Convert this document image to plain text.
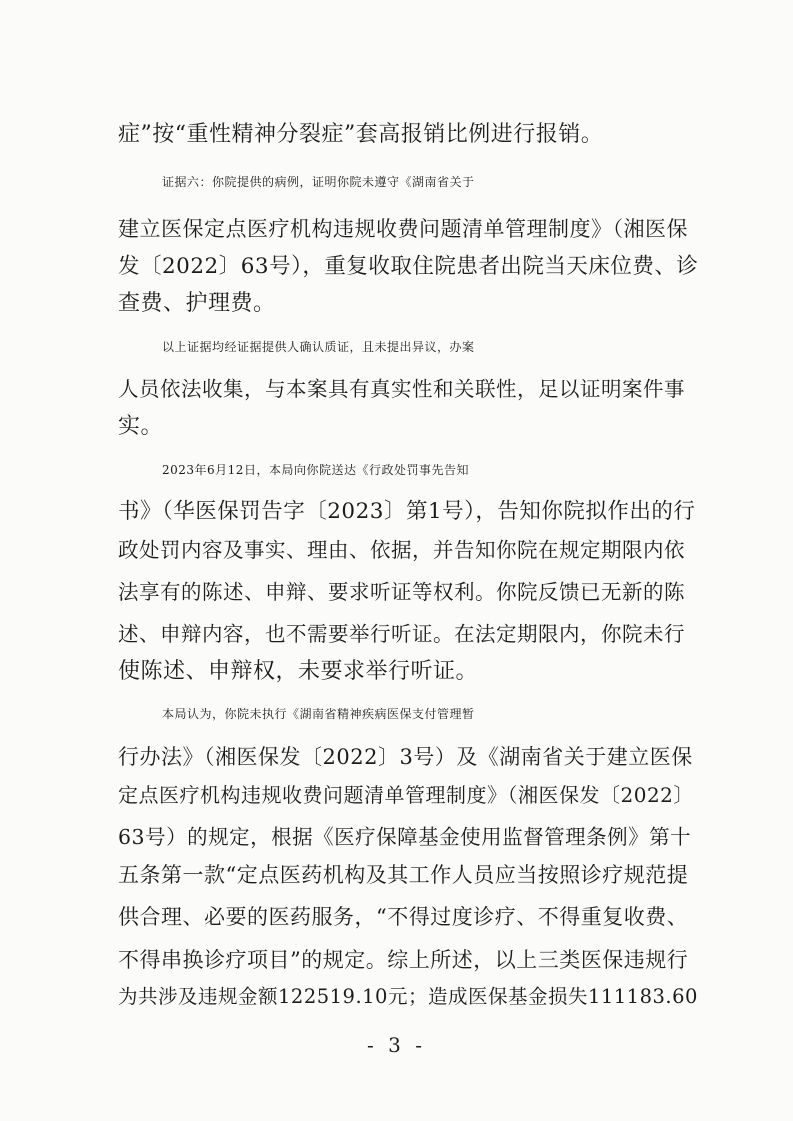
症”按“重性精神分裂症”套高报销比例进行报销。
证据六：你院提供的病例，证明你院未遵守《湖南省关于
建立医保定点医疗机构违规收费问题清单管理制度》（湘医保
发〔2022〕63号），重复收取住院患者出院当天床位费、诊
查费、护理费。
以上证据均经证据提供人确认质证，且未提出异议，办案
人员依法收集，与本案具有真实性和关联性，足以证明案件事
实。
2023年6月12日，本局向你院送达《行政处罚事先告知
书》（华医保罚告字〔2023〕第1号），告知你院拟作出的行
政处罚内容及事实、理由、依据，并告知你院在规定期限内依
法享有的陈述、申辩、要求听证等权利。你院反馈已无新的陈
述、申辩内容，也不需要举行听证。在法定期限内，你院未行
使陈述、申辩权，未要求举行听证。
本局认为，你院未执行《湖南省精神疾病医保支付管理暂
行办法》（湘医保发〔2022〕3号）及《湖南省关于建立医保
定点医疗机构违规收费问题清单管理制度》（湘医保发〔2022〕
63号）的规定，根据《医疗保障基金使用监督管理条例》第十
五条第一款“定点医药机构及其工作人员应当按照诊疗规范提
供合理、必要的医药服务，“不得过度诊疗、不得重复收费、
不得串换诊疗项目”的规定。综上所述，以上三类医保违规行
为共涉及违规金额122519.10元；造成医保基金损失111183.60
- 3 -
